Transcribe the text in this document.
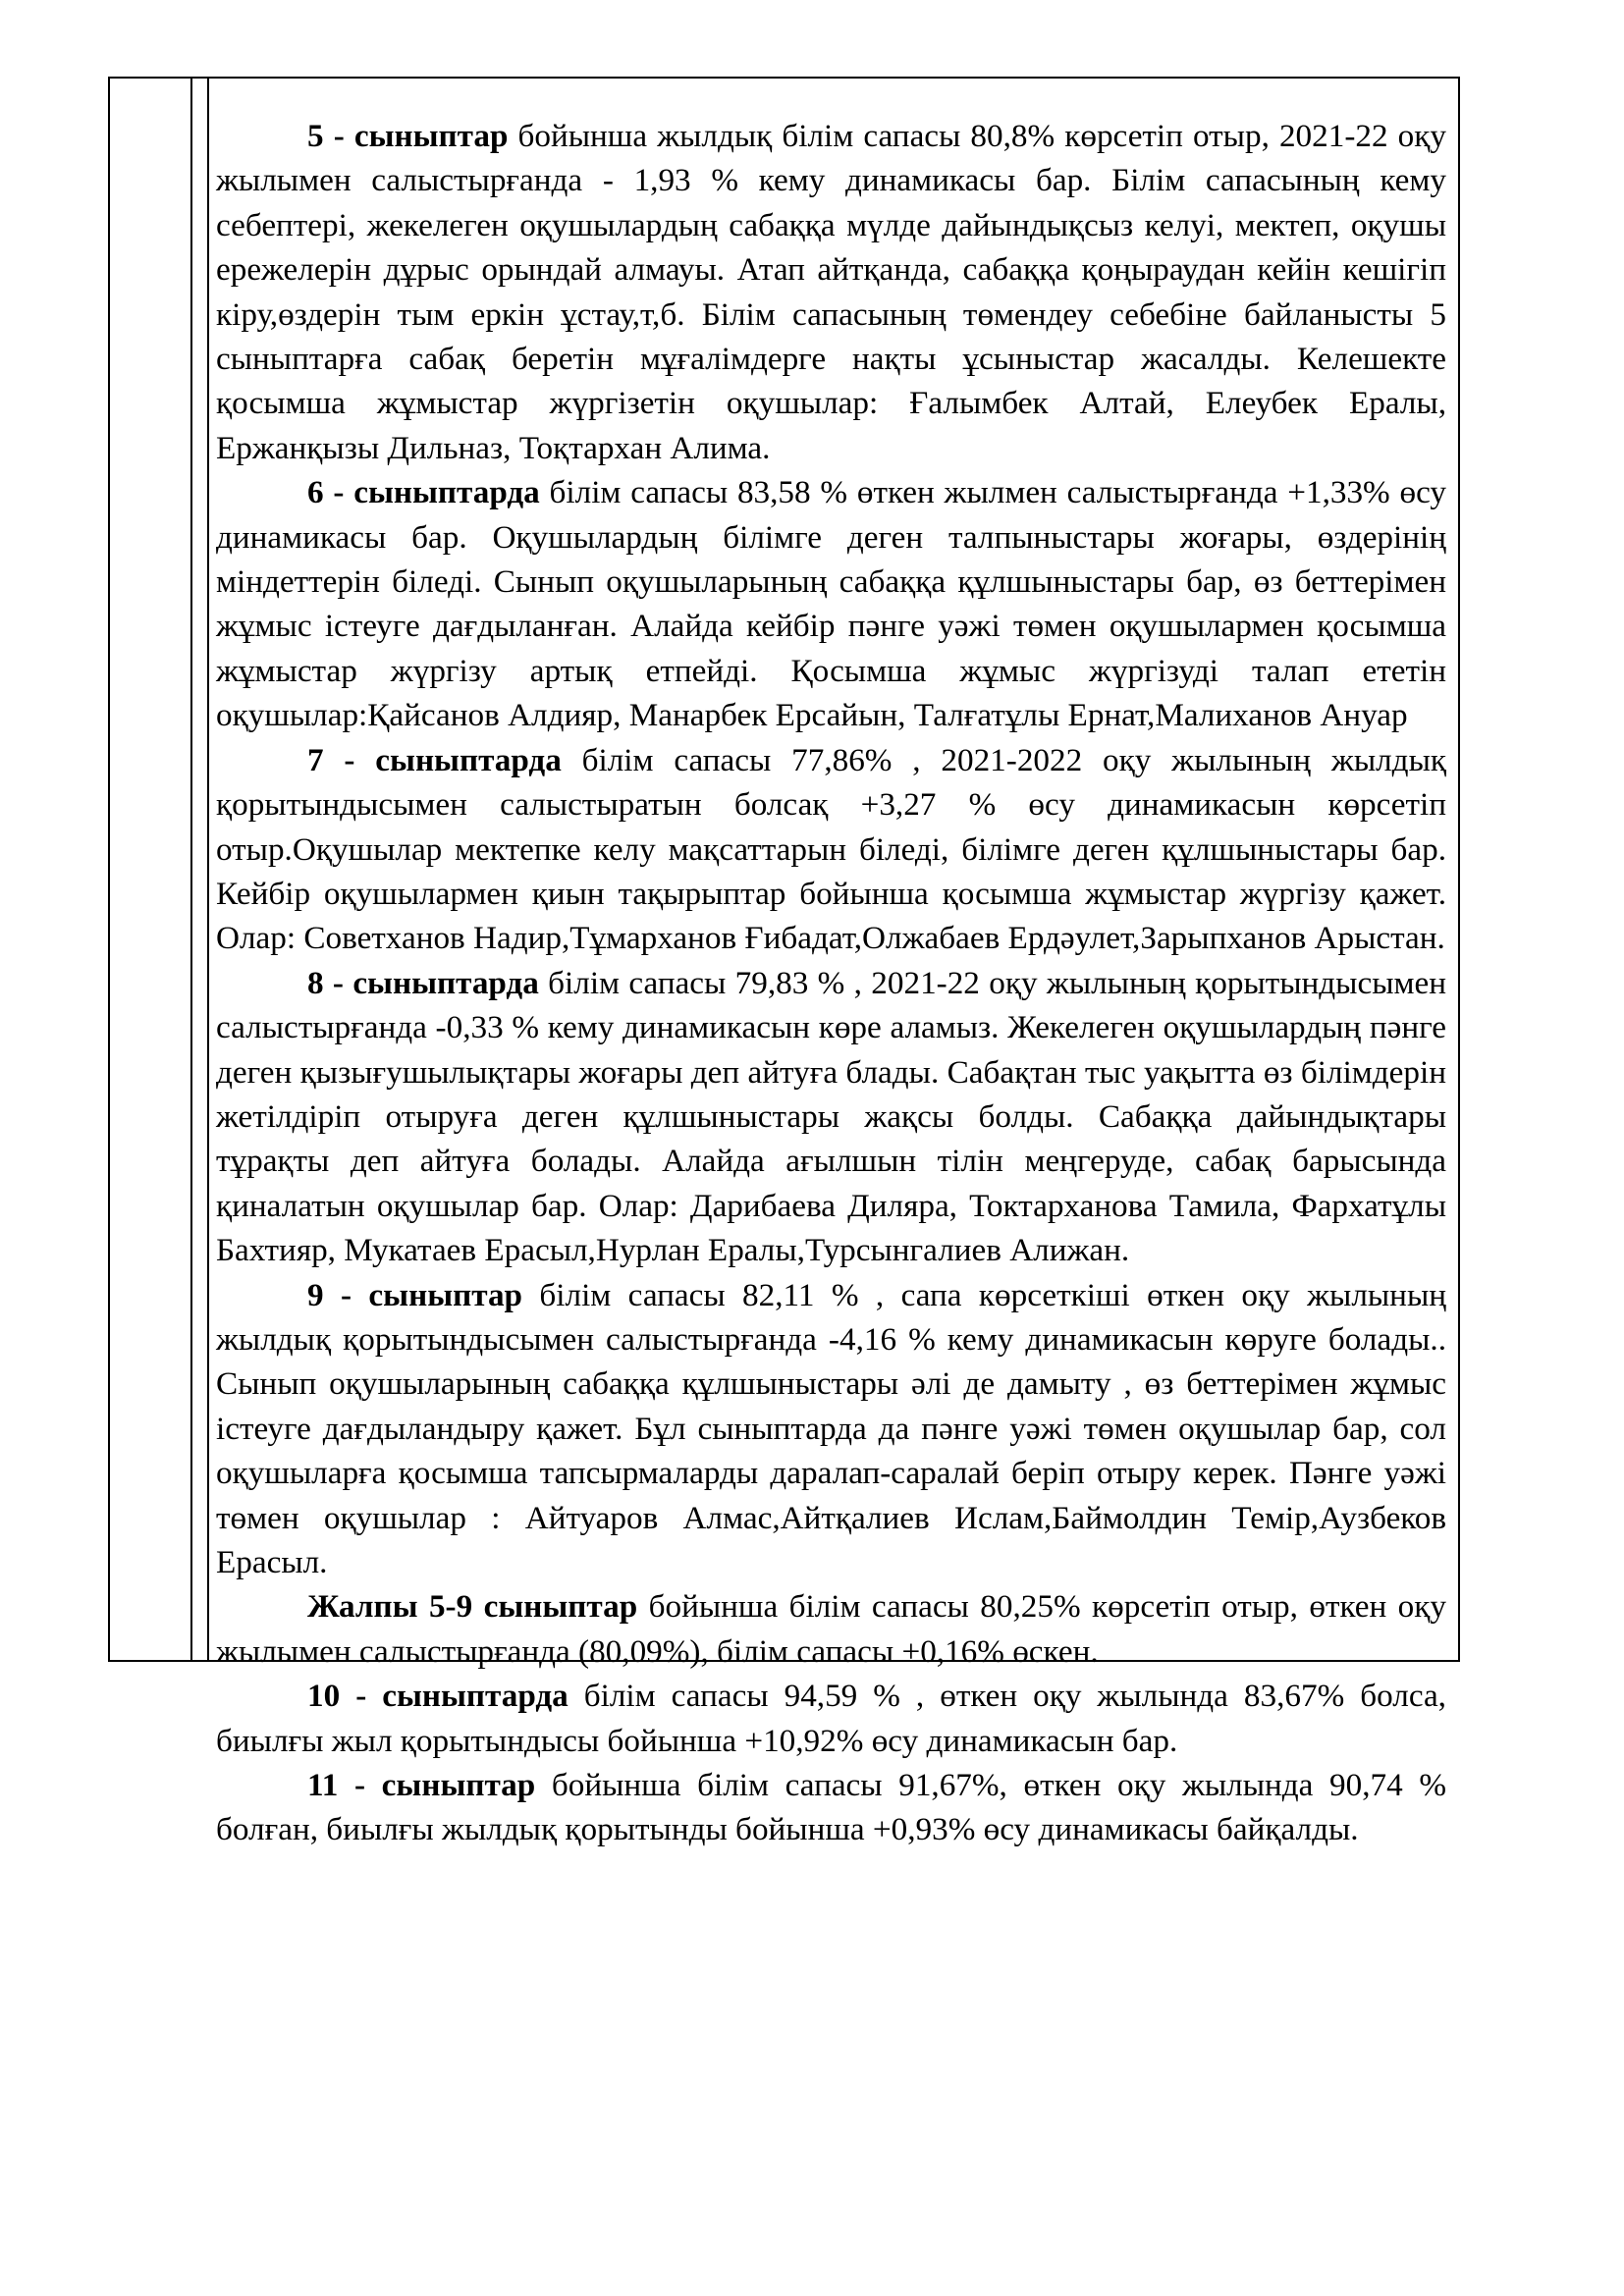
5 - сыныптар бойынша жылдық білім сапасы 80,8% көрсетіп отыр, 2021-22 оқу жылымен салыстырғанда - 1,93 % кему динамикасы бар. Білім сапасының кему себептері, жекелеген оқушылардың сабаққа мүлде дайындықсыз келуі, мектеп, оқушы ережелерін дұрыс орындай алмауы. Атап айтқанда, сабаққа қоңыраудан кейін кешігіп кіру,өздерін тым еркін ұстау,т,б. Білім сапасының төмендеу себебіне байланысты 5 сыныптарға сабақ беретін мұғалімдерге нақты ұсыныстар жасалды. Келешекте қосымша жұмыстар жүргізетін оқушылар: Ғалымбек Алтай, Елеубек Ералы, Ержанқызы Дильназ, Тоқтархан Алима.

6 - сыныптарда білім сапасы 83,58 % өткен жылмен салыстырғанда +1,33% өсу динамикасы бар. Оқушылардың білімге деген талпыныстары жоғары, өздерінің міндеттерін біледі. Сынып оқушыларының сабаққа құлшыныстары бар, өз беттерімен жұмыс істеуге дағдыланған. Алайда кейбір пәнге уәжі төмен оқушылармен қосымша жұмыстар жүргізу артық етпейді. Қосымша жұмыс жүргізуді талап ететін оқушылар:Қайсанов Алдияр, Манарбек Ерсайын, Талғатұлы Ернат,Малиханов Ануар

7 - сыныптарда білім сапасы 77,86% , 2021-2022 оқу жылының жылдық қорытындысымен салыстыратын болсақ +3,27 % өсу динамикасын көрсетіп отыр.Оқушылар мектепке келу мақсаттарын біледі, білімге деген құлшыныстары бар. Кейбір оқушылармен қиын тақырыптар бойынша қосымша жұмыстар жүргізу қажет. Олар: Советханов Надир,Тұмарханов Ғибадат,Олжабаев Ердәулет,Зарыпханов Арыстан.

8 - сыныптарда білім сапасы 79,83 % , 2021-22 оқу жылының қорытындысымен салыстырғанда -0,33 % кему динамикасын көре аламыз. Жекелеген оқушылардың пәнге деген қызығушылықтары жоғары деп айтуға блады. Сабақтан тыс уақытта өз білімдерін жетілдіріп отыруға деген құлшыныстары жақсы болды. Сабаққа дайындықтары тұрақты деп айтуға болады. Алайда ағылшын тілін меңгеруде, сабақ барысында қиналатын оқушылар бар. Олар: Дарибаева Диляра, Токтарханова Тамила, Фархатұлы Бахтияр, Мукатаев Ерасыл,Нурлан Ералы,Турсынгалиев Алижан.

9 - сыныптар білім сапасы 82,11 % , сапа көрсеткіші өткен оқу жылының жылдық қорытындысымен салыстырғанда -4,16 % кему динамикасын көруге болады.. Сынып оқушыларының сабаққа құлшыныстары әлі де дамыту , өз беттерімен жұмыс істеуге дағдыландыру қажет. Бұл сыныптарда да пәнге уәжі төмен оқушылар бар, сол оқушыларға қосымша тапсырмаларды даралап-саралай беріп отыру керек. Пәнге уәжі төмен оқушылар : Айтуаров Алмас,Айтқалиев Ислам,Баймолдин Темір,Аузбеков Ерасыл.

Жалпы 5-9 сыныптар бойынша білім сапасы 80,25% көрсетіп отыр, өткен оқу жылымен салыстырғанда (80,09%), білім сапасы +0,16% өскен.

10 - сыныптарда білім сапасы 94,59 % , өткен оқу жылында 83,67% болса, биылғы жыл қорытындысы бойынша +10,92% өсу динамикасын бар.

11 - сыныптар бойынша білім сапасы 91,67%, өткен оқу жылында 90,74 % болған, биылғы жылдық қорытынды бойынша +0,93% өсу динамикасы байқалды.
